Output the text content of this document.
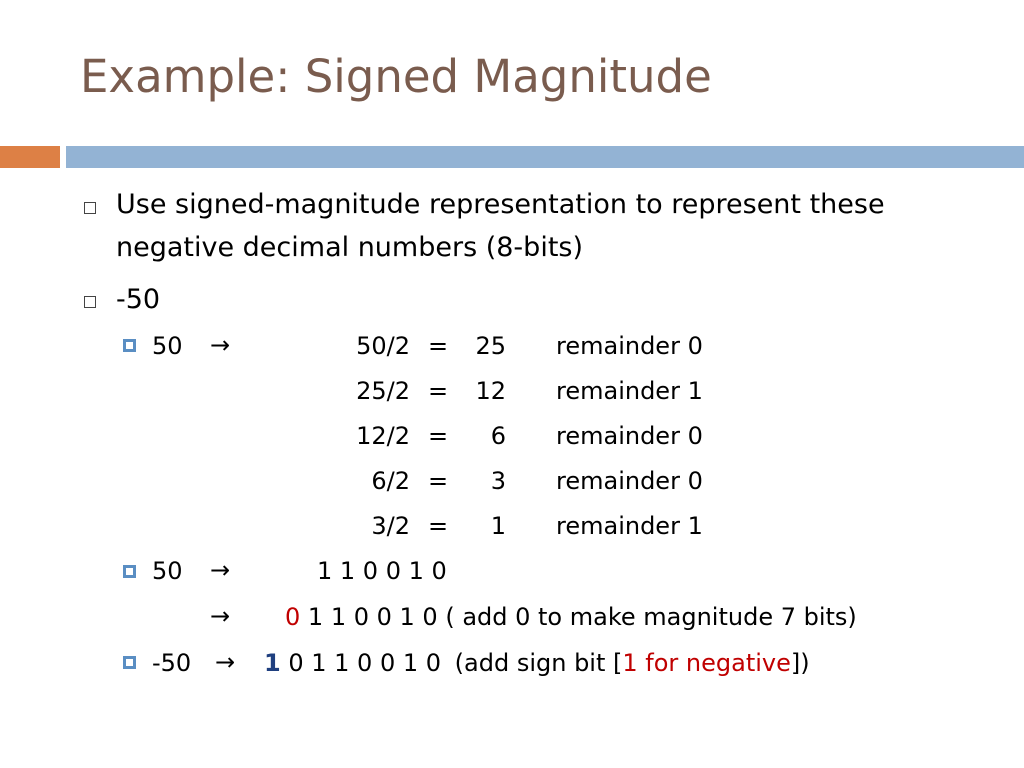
Example: Signed Magnitude
Use signed-magnitude representation to represent these
negative decimal numbers (8-bits)
-50
50 →	50/2 = 25 remainder 0
25/2 = 12 remainder 1
12/2 = 6 remainder 0
6/2 = 3 remainder 0
3/2 = 1 remainder 1
50 →	1 1 0 0 1 0
→ 0 1 1 0 0 1 0 ( add 0 to make magnitude 7 bits)
-50 → 1 0 1 1 0 0 1 0 (add sign bit [1 for negative])
